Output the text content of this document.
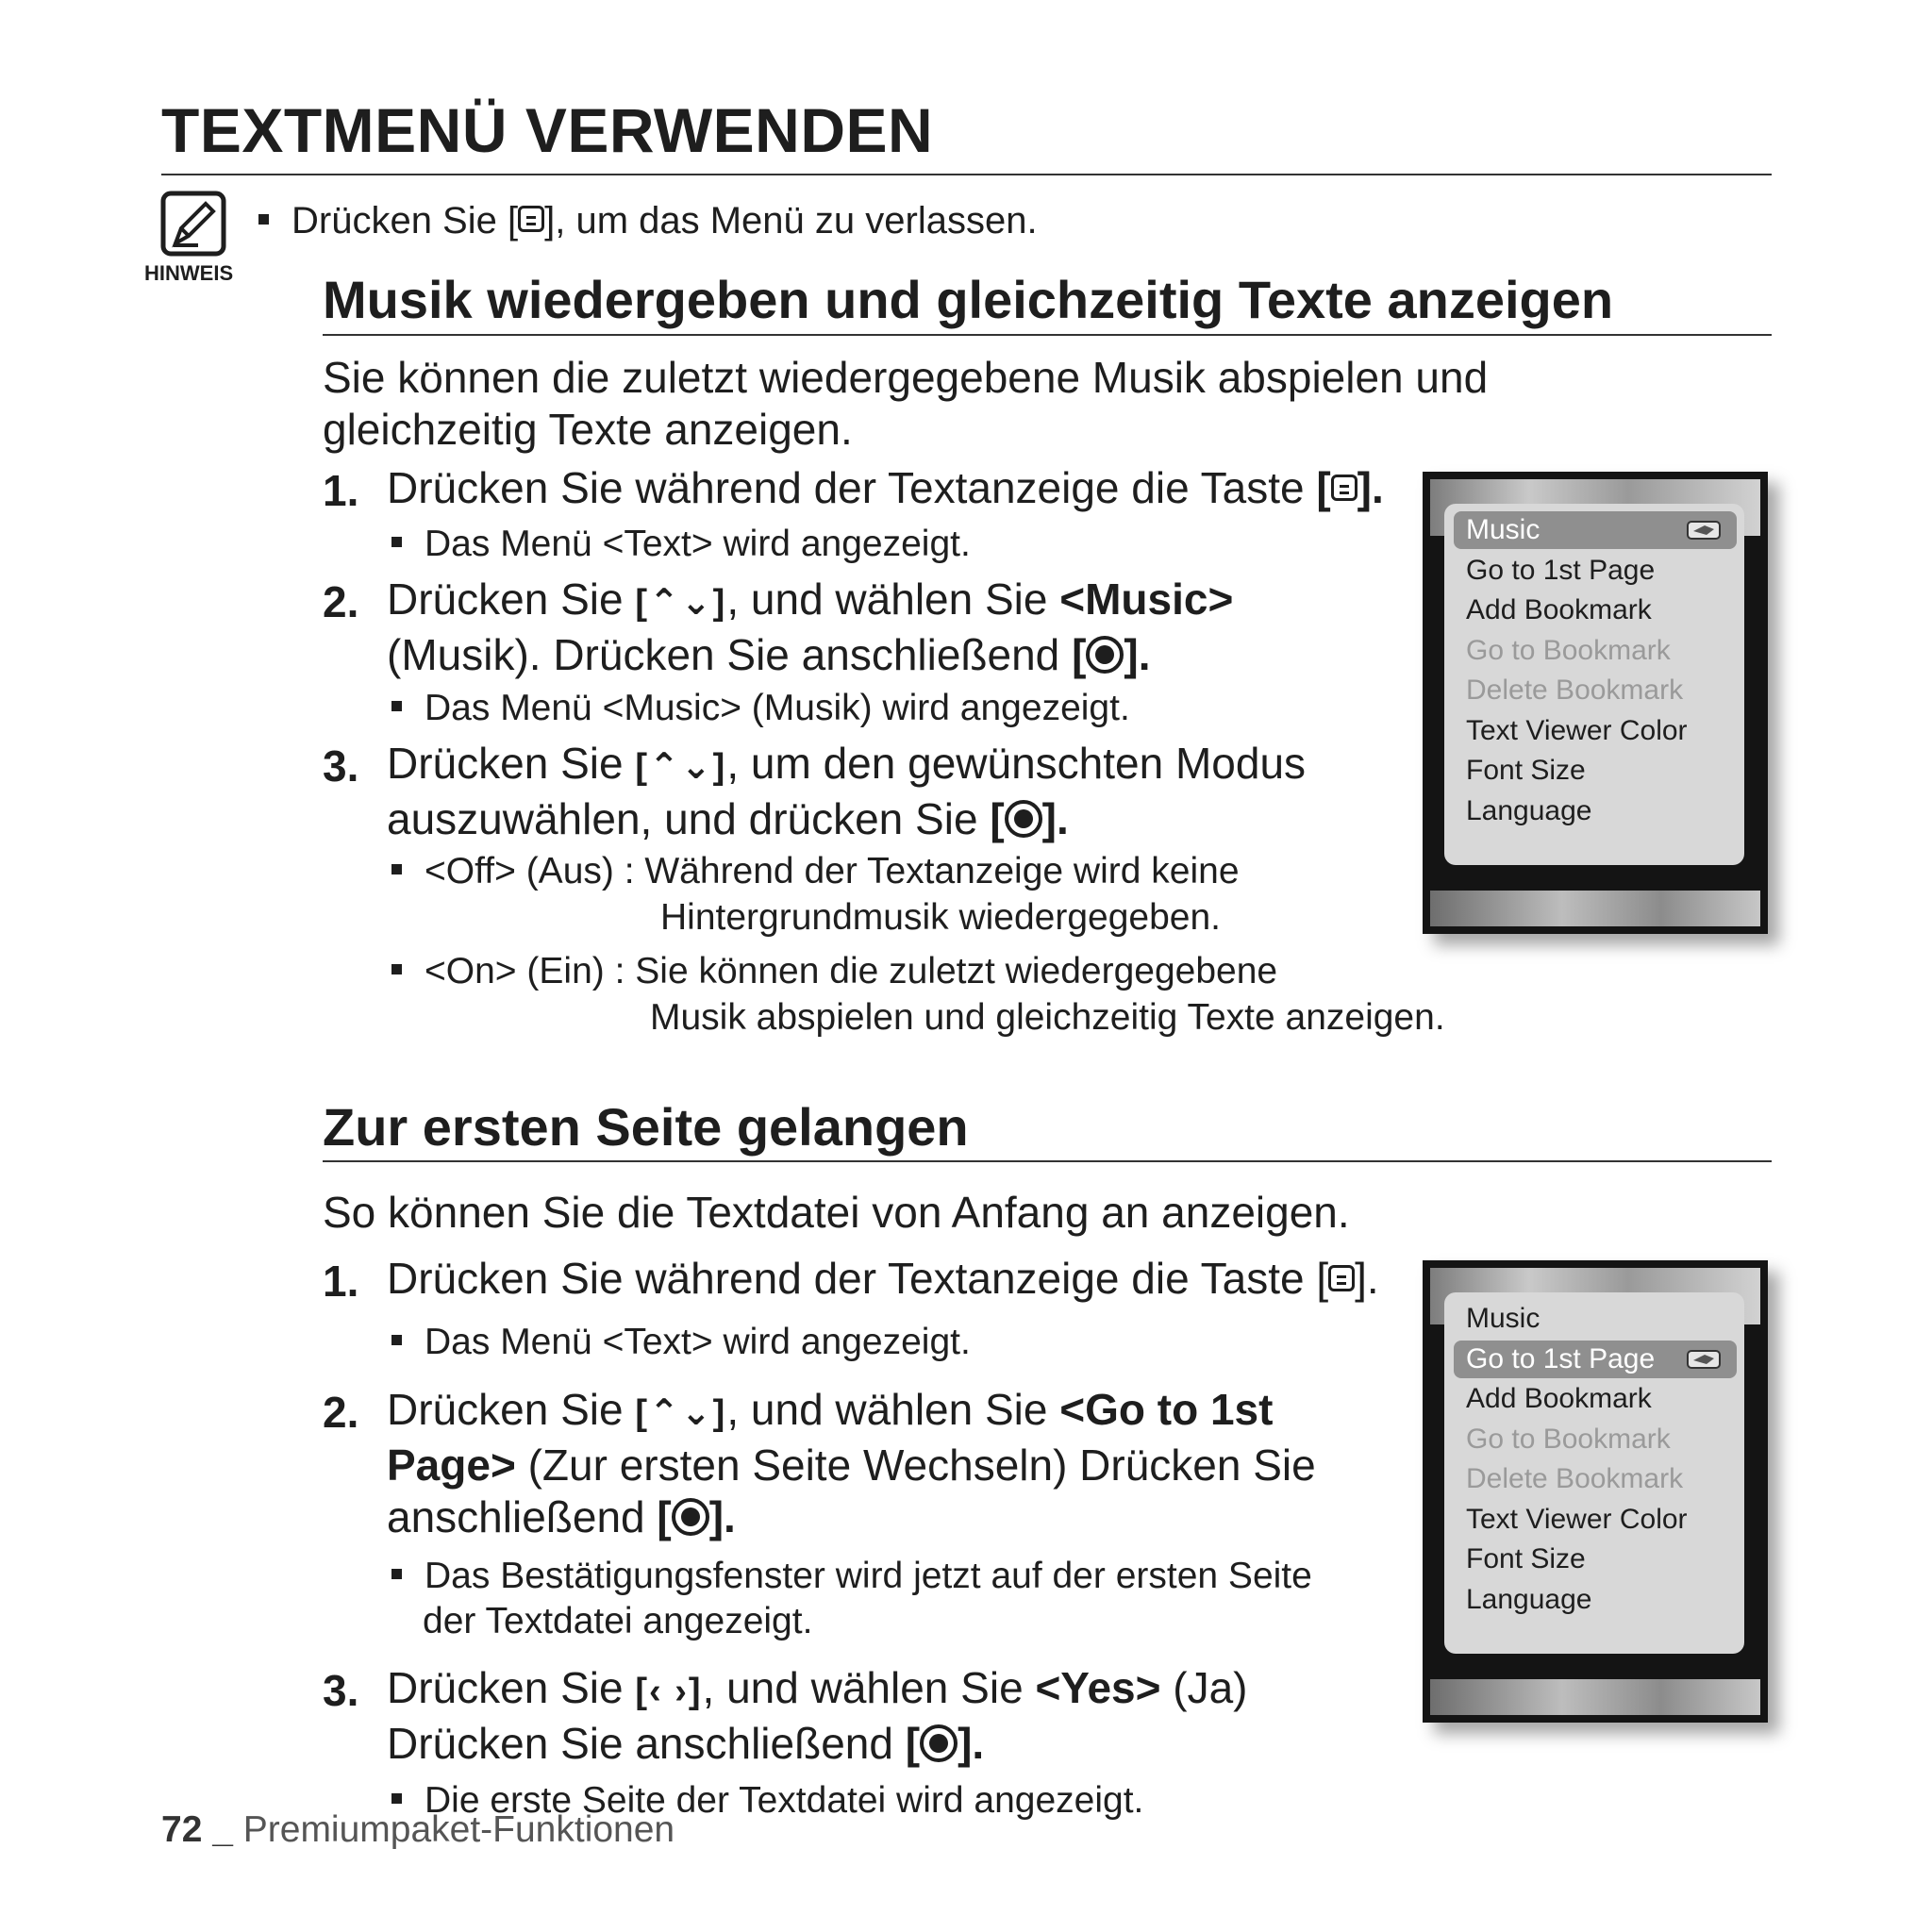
TEXTMENÜ VERWENDEN
HINWEIS
Drücken Sie [ ], um das Menü zu verlassen.
Musik wiedergeben und gleichzeitig Texte anzeigen
Sie können die zuletzt wiedergegebene Musik abspielen und
gleichzeitig Texte anzeigen.
1. Drücken Sie während der Textanzeige die Taste [ ].
Das Menü <Text> wird angezeigt.
2. Drücken Sie [⌃⌄], und wählen Sie <Music>
(Musik). Drücken Sie anschließend [ ].
Das Menü <Music> (Musik) wird angezeigt.
3. Drücken Sie [⌃⌄], um den gewünschten Modus
auszuwählen, und drücken Sie [ ].
<Off> (Aus) : Während der Textanzeige wird keine
Hintergrundmusik wiedergegeben.
<On> (Ein) : Sie können die zuletzt wiedergegebene
Musik abspielen und gleichzeitig Texte anzeigen.
Music
Go to 1st Page
Add Bookmark
Go to Bookmark
Delete Bookmark
Text Viewer Color
Font Size
Language
Zur ersten Seite gelangen
So können Sie die Textdatei von Anfang an anzeigen.
1. Drücken Sie während der Textanzeige die Taste [ ].
Das Menü <Text> wird angezeigt.
2. Drücken Sie [⌃⌄], und wählen Sie <Go to 1st
Page> (Zur ersten Seite Wechseln) Drücken Sie
anschließend [ ].
Das Bestätigungsfenster wird jetzt auf der ersten Seite
der Textdatei angezeigt.
3. Drücken Sie [‹ ›], und wählen Sie <Yes> (Ja)
Drücken Sie anschließend [ ].
Die erste Seite der Textdatei wird angezeigt.
Music
Go to 1st Page
Add Bookmark
Go to Bookmark
Delete Bookmark
Text Viewer Color
Font Size
Language
72 _ Premiumpaket-Funktionen
